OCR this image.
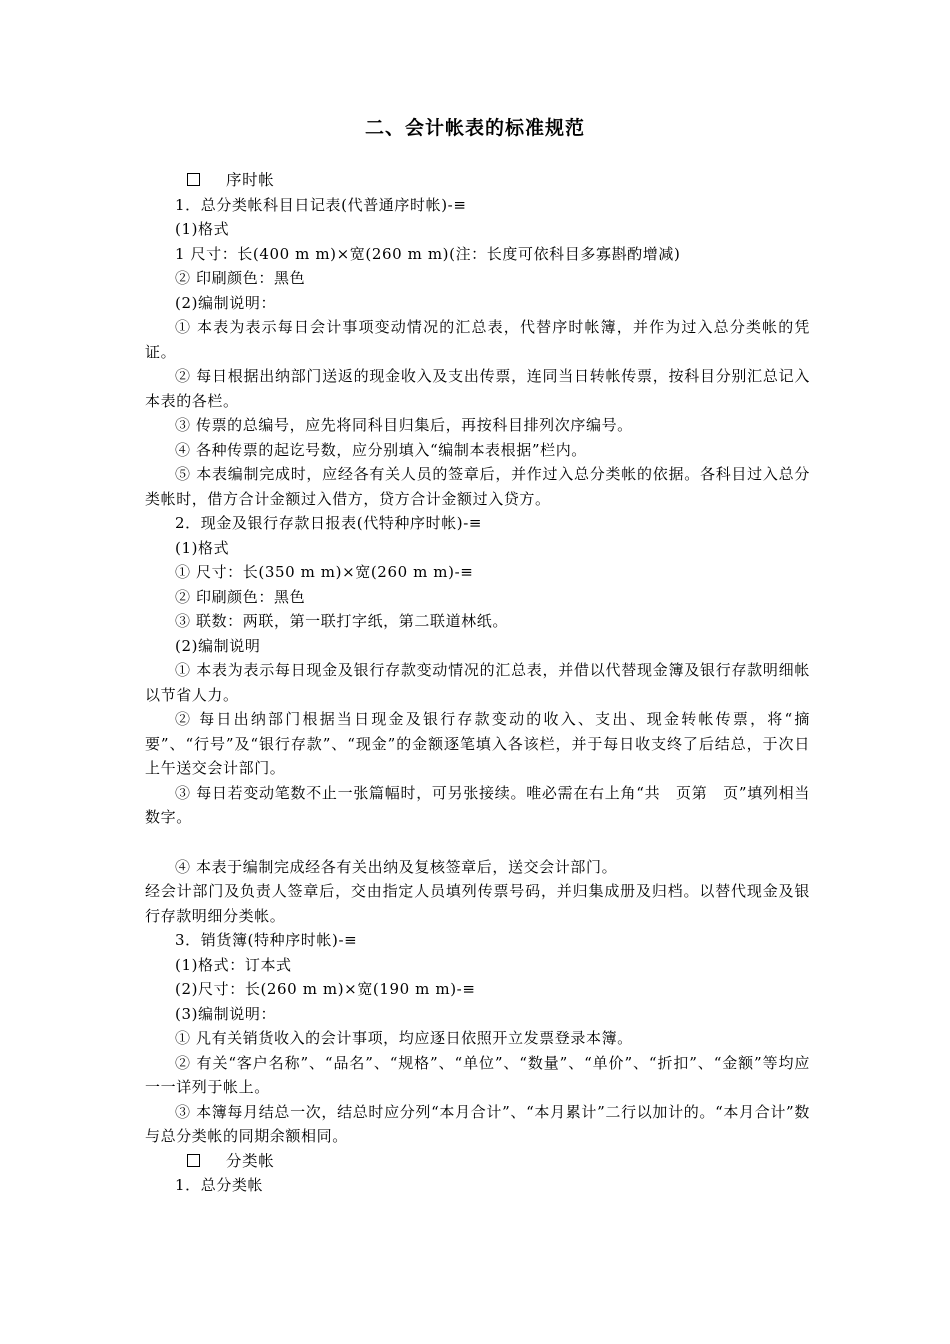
二、会计帐表的标准规范
序时帐
1．总分类帐科目日记表(代普通序时帐)-≡
(1)格式
1 尺寸：长(400 m m)×宽(260 m m)(注：长度可依科目多寡斟酌增减)
② 印刷颜色：黑色
(2)编制说明：
① 本表为表示每日会计事项变动情况的汇总表，代替序时帐簿，并作为过入总分类帐的凭证。
② 每日根据出纳部门送返的现金收入及支出传票，连同当日转帐传票，按科目分别汇总记入本表的各栏。
③ 传票的总编号，应先将同科目归集后，再按科目排列次序编号。
④ 各种传票的起讫号数，应分别填入“编制本表根据”栏内。
⑤ 本表编制完成时，应经各有关人员的签章后，并作过入总分类帐的依据。各科目过入总分类帐时，借方合计金额过入借方，贷方合计金额过入贷方。
2．现金及银行存款日报表(代特种序时帐)-≡
(1)格式
① 尺寸：长(350 m m)×宽(260 m m)-≡
② 印刷颜色：黑色
③ 联数：两联，第一联打字纸，第二联道林纸。
(2)编制说明
① 本表为表示每日现金及银行存款变动情况的汇总表，并借以代替现金簿及银行存款明细帐以节省人力。
② 每日出纳部门根据当日现金及银行存款变动的收入、支出、现金转帐传票，将“摘要”、“行号”及“银行存款”、“现金”的金额逐笔填入各该栏，并于每日收支终了后结总，于次日上午送交会计部门。
③ 每日若变动笔数不止一张篇幅时，可另张接续。唯必需在右上角“共　页第　页”填列相当数字。
④ 本表于编制完成经各有关出纳及复核签章后，送交会计部门。
经会计部门及负责人签章后，交由指定人员填列传票号码，并归集成册及归档。以替代现金及银行存款明细分类帐。
3．销货簿(特种序时帐)-≡
(1)格式：订本式
(2)尺寸：长(260 m m)×宽(190 m m)-≡
(3)编制说明：
① 凡有关销货收入的会计事项，均应逐日依照开立发票登录本簿。
② 有关“客户名称”、“品名”、“规格”、“单位”、“数量”、“单价”、“折扣”、“金额”等均应一一详列于帐上。
③ 本簿每月结总一次，结总时应分列“本月合计”、“本月累计”二行以加计的。“本月合计”数与总分类帐的同期余额相同。
分类帐
1．总分类帐
